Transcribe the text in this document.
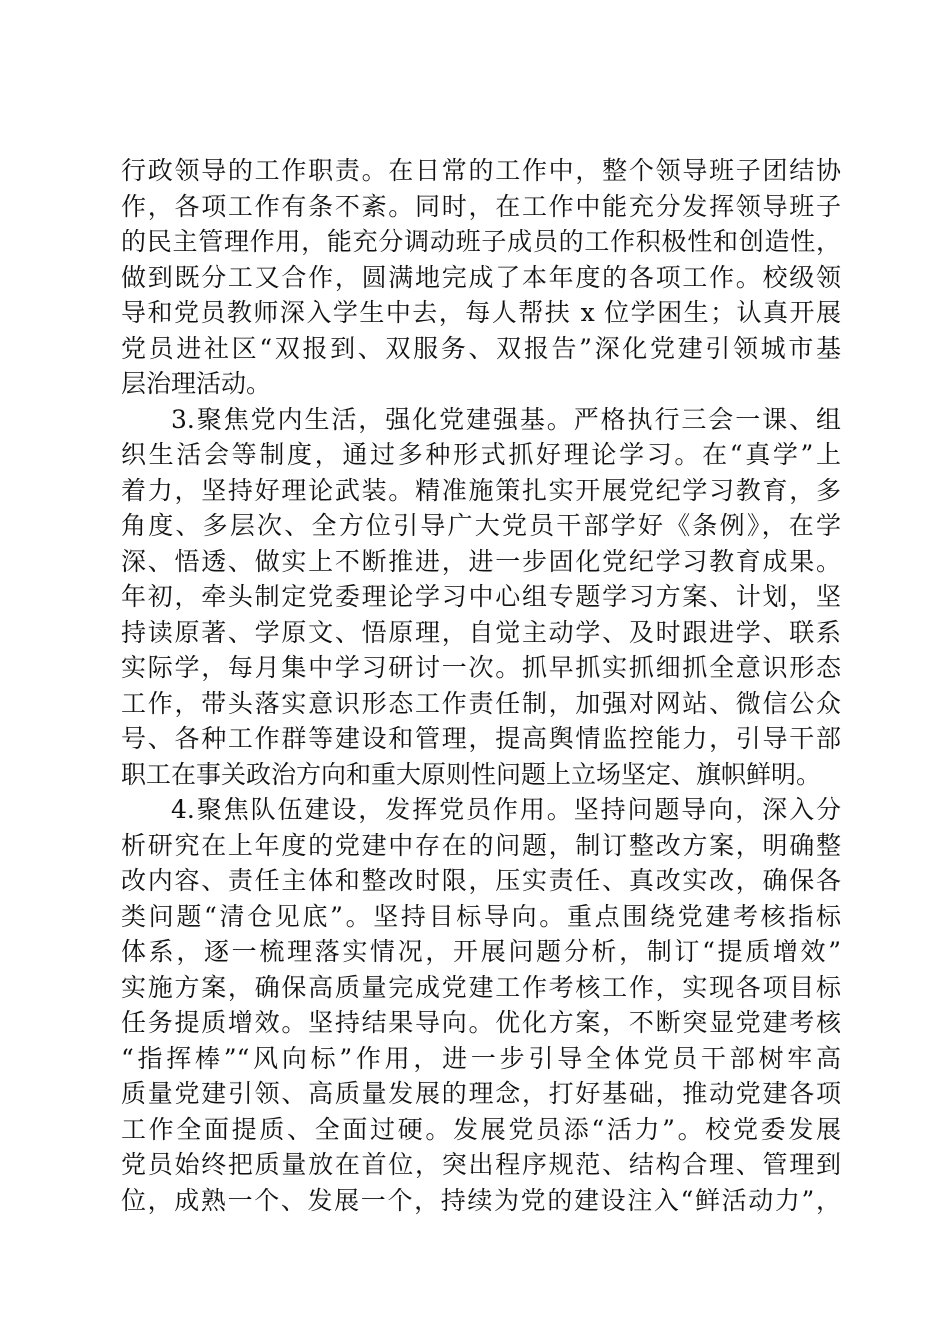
行政领导的工作职责。在日常的工作中，整个领导班子团结协
作，各项工作有条不紊。同时，在工作中能充分发挥领导班子
的民主管理作用，能充分调动班子成员的工作积极性和创造性，
做到既分工又合作，圆满地完成了本年度的各项工作。校级领
导和党员教师深入学生中去，每人帮扶 x 位学困生；认真开展
党员进社区“双报到、双服务、双报告”深化党建引领城市基
层治理活动。
3.聚焦党内生活，强化党建强基。严格执行三会一课、组
织生活会等制度，通过多种形式抓好理论学习。在“真学”上
着力，坚持好理论武装。精准施策扎实开展党纪学习教育，多
角度、多层次、全方位引导广大党员干部学好《条例》，在学
深、悟透、做实上不断推进，进一步固化党纪学习教育成果。
年初，牵头制定党委理论学习中心组专题学习方案、计划，坚
持读原著、学原文、悟原理，自觉主动学、及时跟进学、联系
实际学，每月集中学习研讨一次。抓早抓实抓细抓全意识形态
工作，带头落实意识形态工作责任制，加强对网站、微信公众
号、各种工作群等建设和管理，提高舆情监控能力，引导干部
职工在事关政治方向和重大原则性问题上立场坚定、旗帜鲜明。
4.聚焦队伍建设，发挥党员作用。坚持问题导向，深入分
析研究在上年度的党建中存在的问题，制订整改方案，明确整
改内容、责任主体和整改时限，压实责任、真改实改，确保各
类问题“清仓见底”。坚持目标导向。重点围绕党建考核指标
体系，逐一梳理落实情况，开展问题分析，制订“提质增效”
实施方案，确保高质量完成党建工作考核工作，实现各项目标
任务提质增效。坚持结果导向。优化方案，不断突显党建考核
“指挥棒”“风向标”作用，进一步引导全体党员干部树牢高
质量党建引领、高质量发展的理念，打好基础，推动党建各项
工作全面提质、全面过硬。发展党员添“活力”。校党委发展
党员始终把质量放在首位，突出程序规范、结构合理、管理到
位，成熟一个、发展一个，持续为党的建设注入“鲜活动力”，
